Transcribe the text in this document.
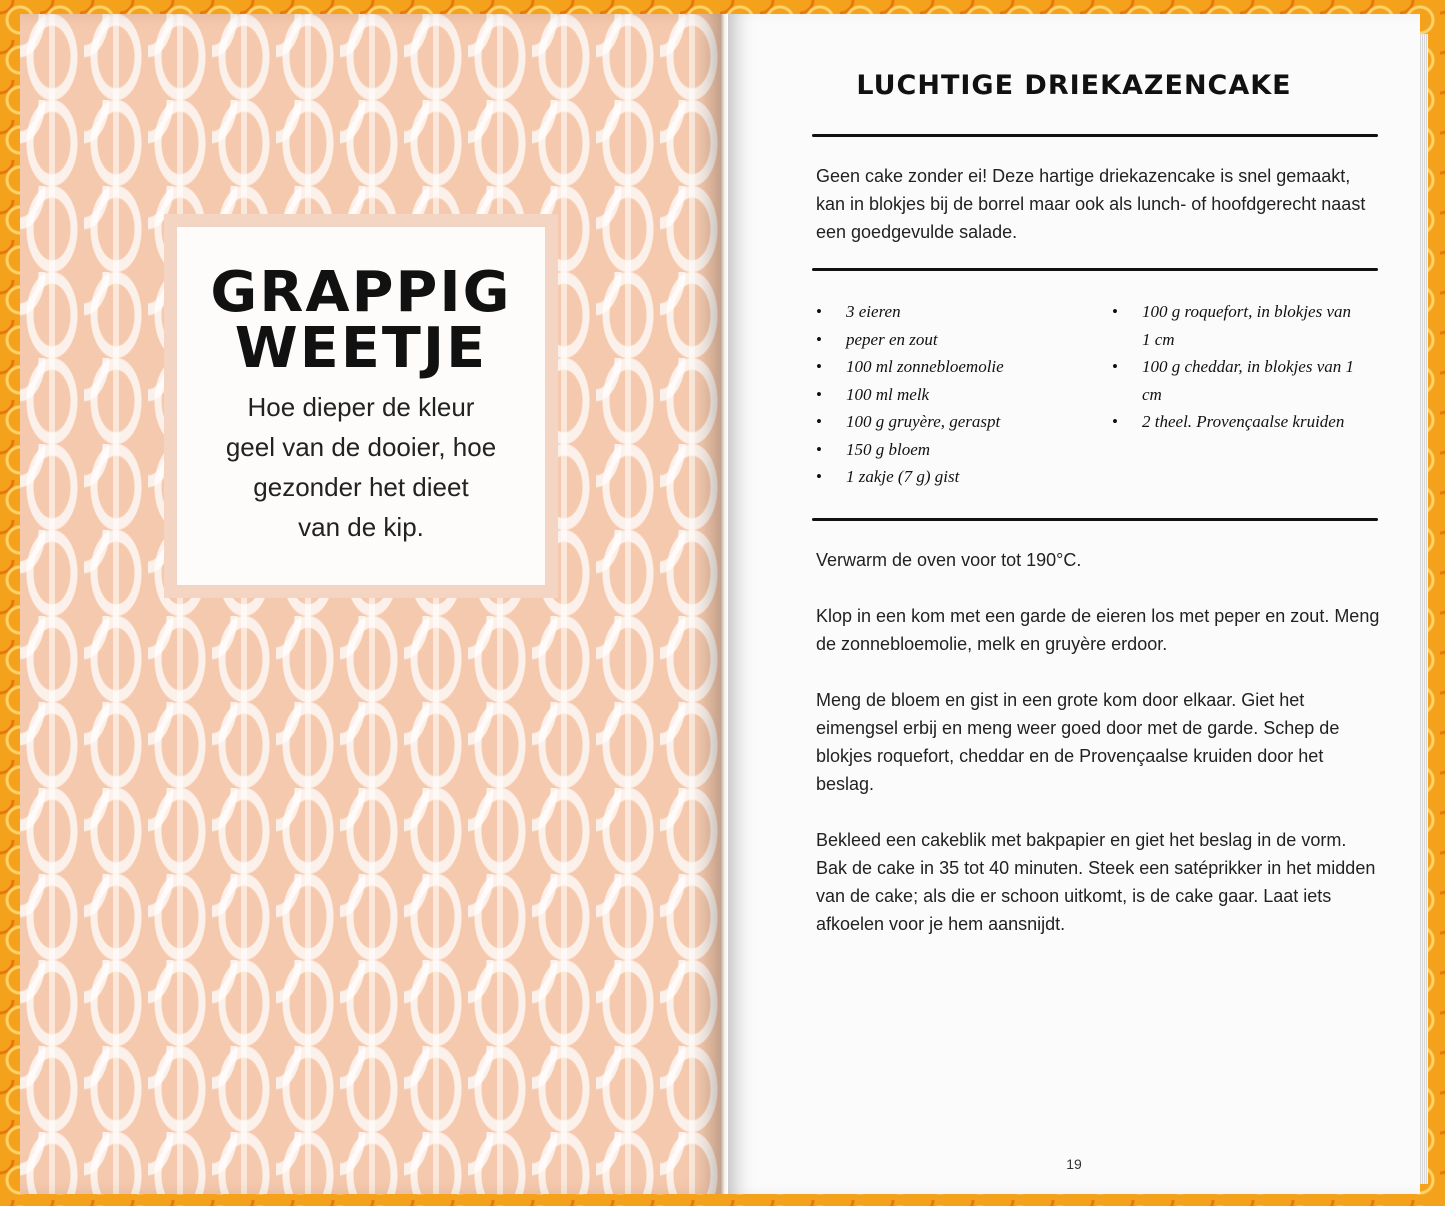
GRAPPIG
WEETJE
Hoe dieper de kleur
geel van de dooier, hoe
gezonder het dieet
van de kip.
LUCHTIGE DRIEKAZENCAKE
Geen cake zonder ei! Deze hartige driekazencake is snel gemaakt, kan in blokjes bij de borrel maar ook als lunch- of hoofdgerecht naast een goedgevulde salade.
• 3 eieren
• peper en zout
• 100 ml zonnebloemolie
• 100 ml melk
• 100 g gruyère, geraspt
• 150 g bloem
• 1 zakje (7 g) gist
• 100 g roquefort, in blokjes van 1 cm
• 100 g cheddar, in blokjes van 1 cm
• 2 theel. Provençaalse kruiden

Verwarm de oven voor tot 190°C.

Klop in een kom met een garde de eieren los met peper en zout. Meng de zonnebloemolie, melk en gruyère erdoor.

Meng de bloem en gist in een grote kom door elkaar. Giet het eimengsel erbij en meng weer goed door met de garde. Schep de blokjes roquefort, cheddar en de Provençaalse kruiden door het beslag.

Bekleed een cakeblik met bakpapier en giet het beslag in de vorm. Bak de cake in 35 tot 40 minuten. Steek een satéprikker in het midden van de cake; als die er schoon uitkomt, is de cake gaar. Laat iets afkoelen voor je hem aansnijdt.

19
